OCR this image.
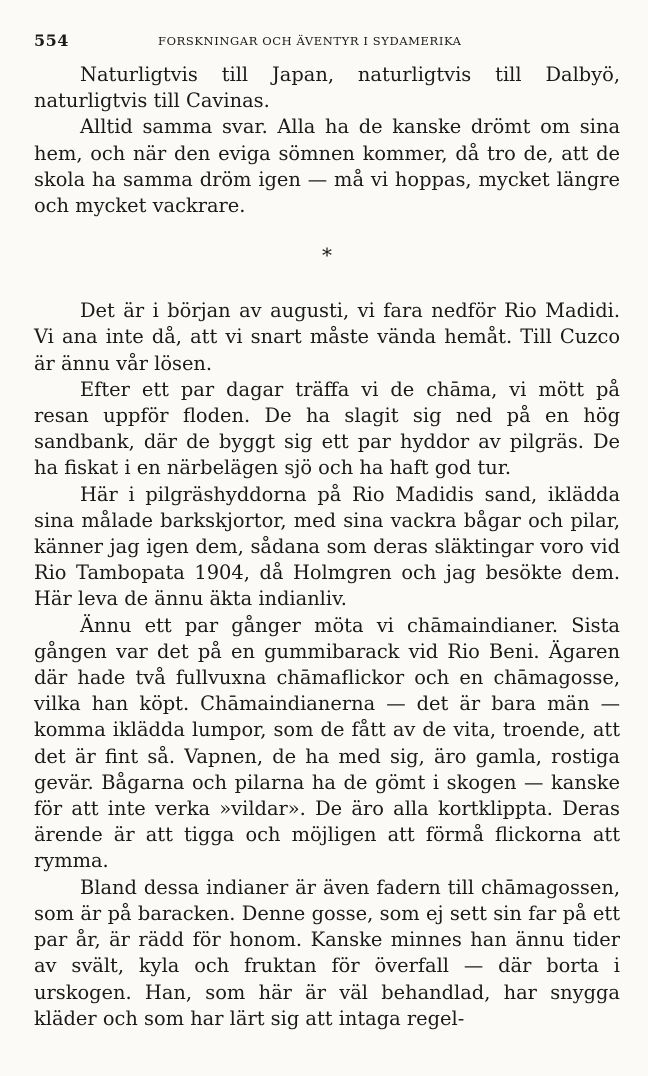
554	FORSKNINGAR OCH ÄVENTYR I SYDAMERIKA

Naturligtvis till Japan, naturligtvis till Dalbyö, naturligtvis till Cavinas.

Alltid samma svar. Alla ha de kanske drömt om sina hem, och när den eviga sömnen kommer, då tro de, att de skola ha samma dröm igen — må vi hoppas, mycket längre och mycket vackrare.

*

Det är i början av augusti, vi fara nedför Rio Madidi. Vi ana inte då, att vi snart måste vända hemåt. Till Cuzco är ännu vår lösen.

Efter ett par dagar träffa vi de chāma, vi mött på resan uppför floden. De ha slagit sig ned på en hög sandbank, där de byggt sig ett par hyddor av pilgräs. De ha fiskat i en närbelägen sjö och ha haft god tur.

Här i pilgräshyddorna på Rio Madidis sand, iklädda sina målade barkskjortor, med sina vackra bågar och pilar, känner jag igen dem, sådana som deras släktingar voro vid Rio Tambopata 1904, då Holmgren och jag besökte dem. Här leva de ännu äkta indianliv.

Ännu ett par gånger möta vi chāmaindianer. Sista gången var det på en gummibarack vid Rio Beni. Ägaren där hade två fullvuxna chāmaflickor och en chāmagosse, vilka han köpt. Chāmaindianerna — det är bara män — komma iklädda lumpor, som de fått av de vita, troende, att det är fint så. Vapnen, de ha med sig, äro gamla, rostiga gevär. Bågarna och pilarna ha de gömt i skogen — kanske för att inte verka »vildar». De äro alla kortklippta. Deras ärende är att tigga och möjligen att förmå flickorna att rymma.

Bland dessa indianer är även fadern till chāmagossen, som är på baracken. Denne gosse, som ej sett sin far på ett par år, är rädd för honom. Kanske minnes han ännu tider av svält, kyla och fruktan för överfall — där borta i urskogen. Han, som här är väl behandlad, har snygga kläder och som har lärt sig att intaga regel-
